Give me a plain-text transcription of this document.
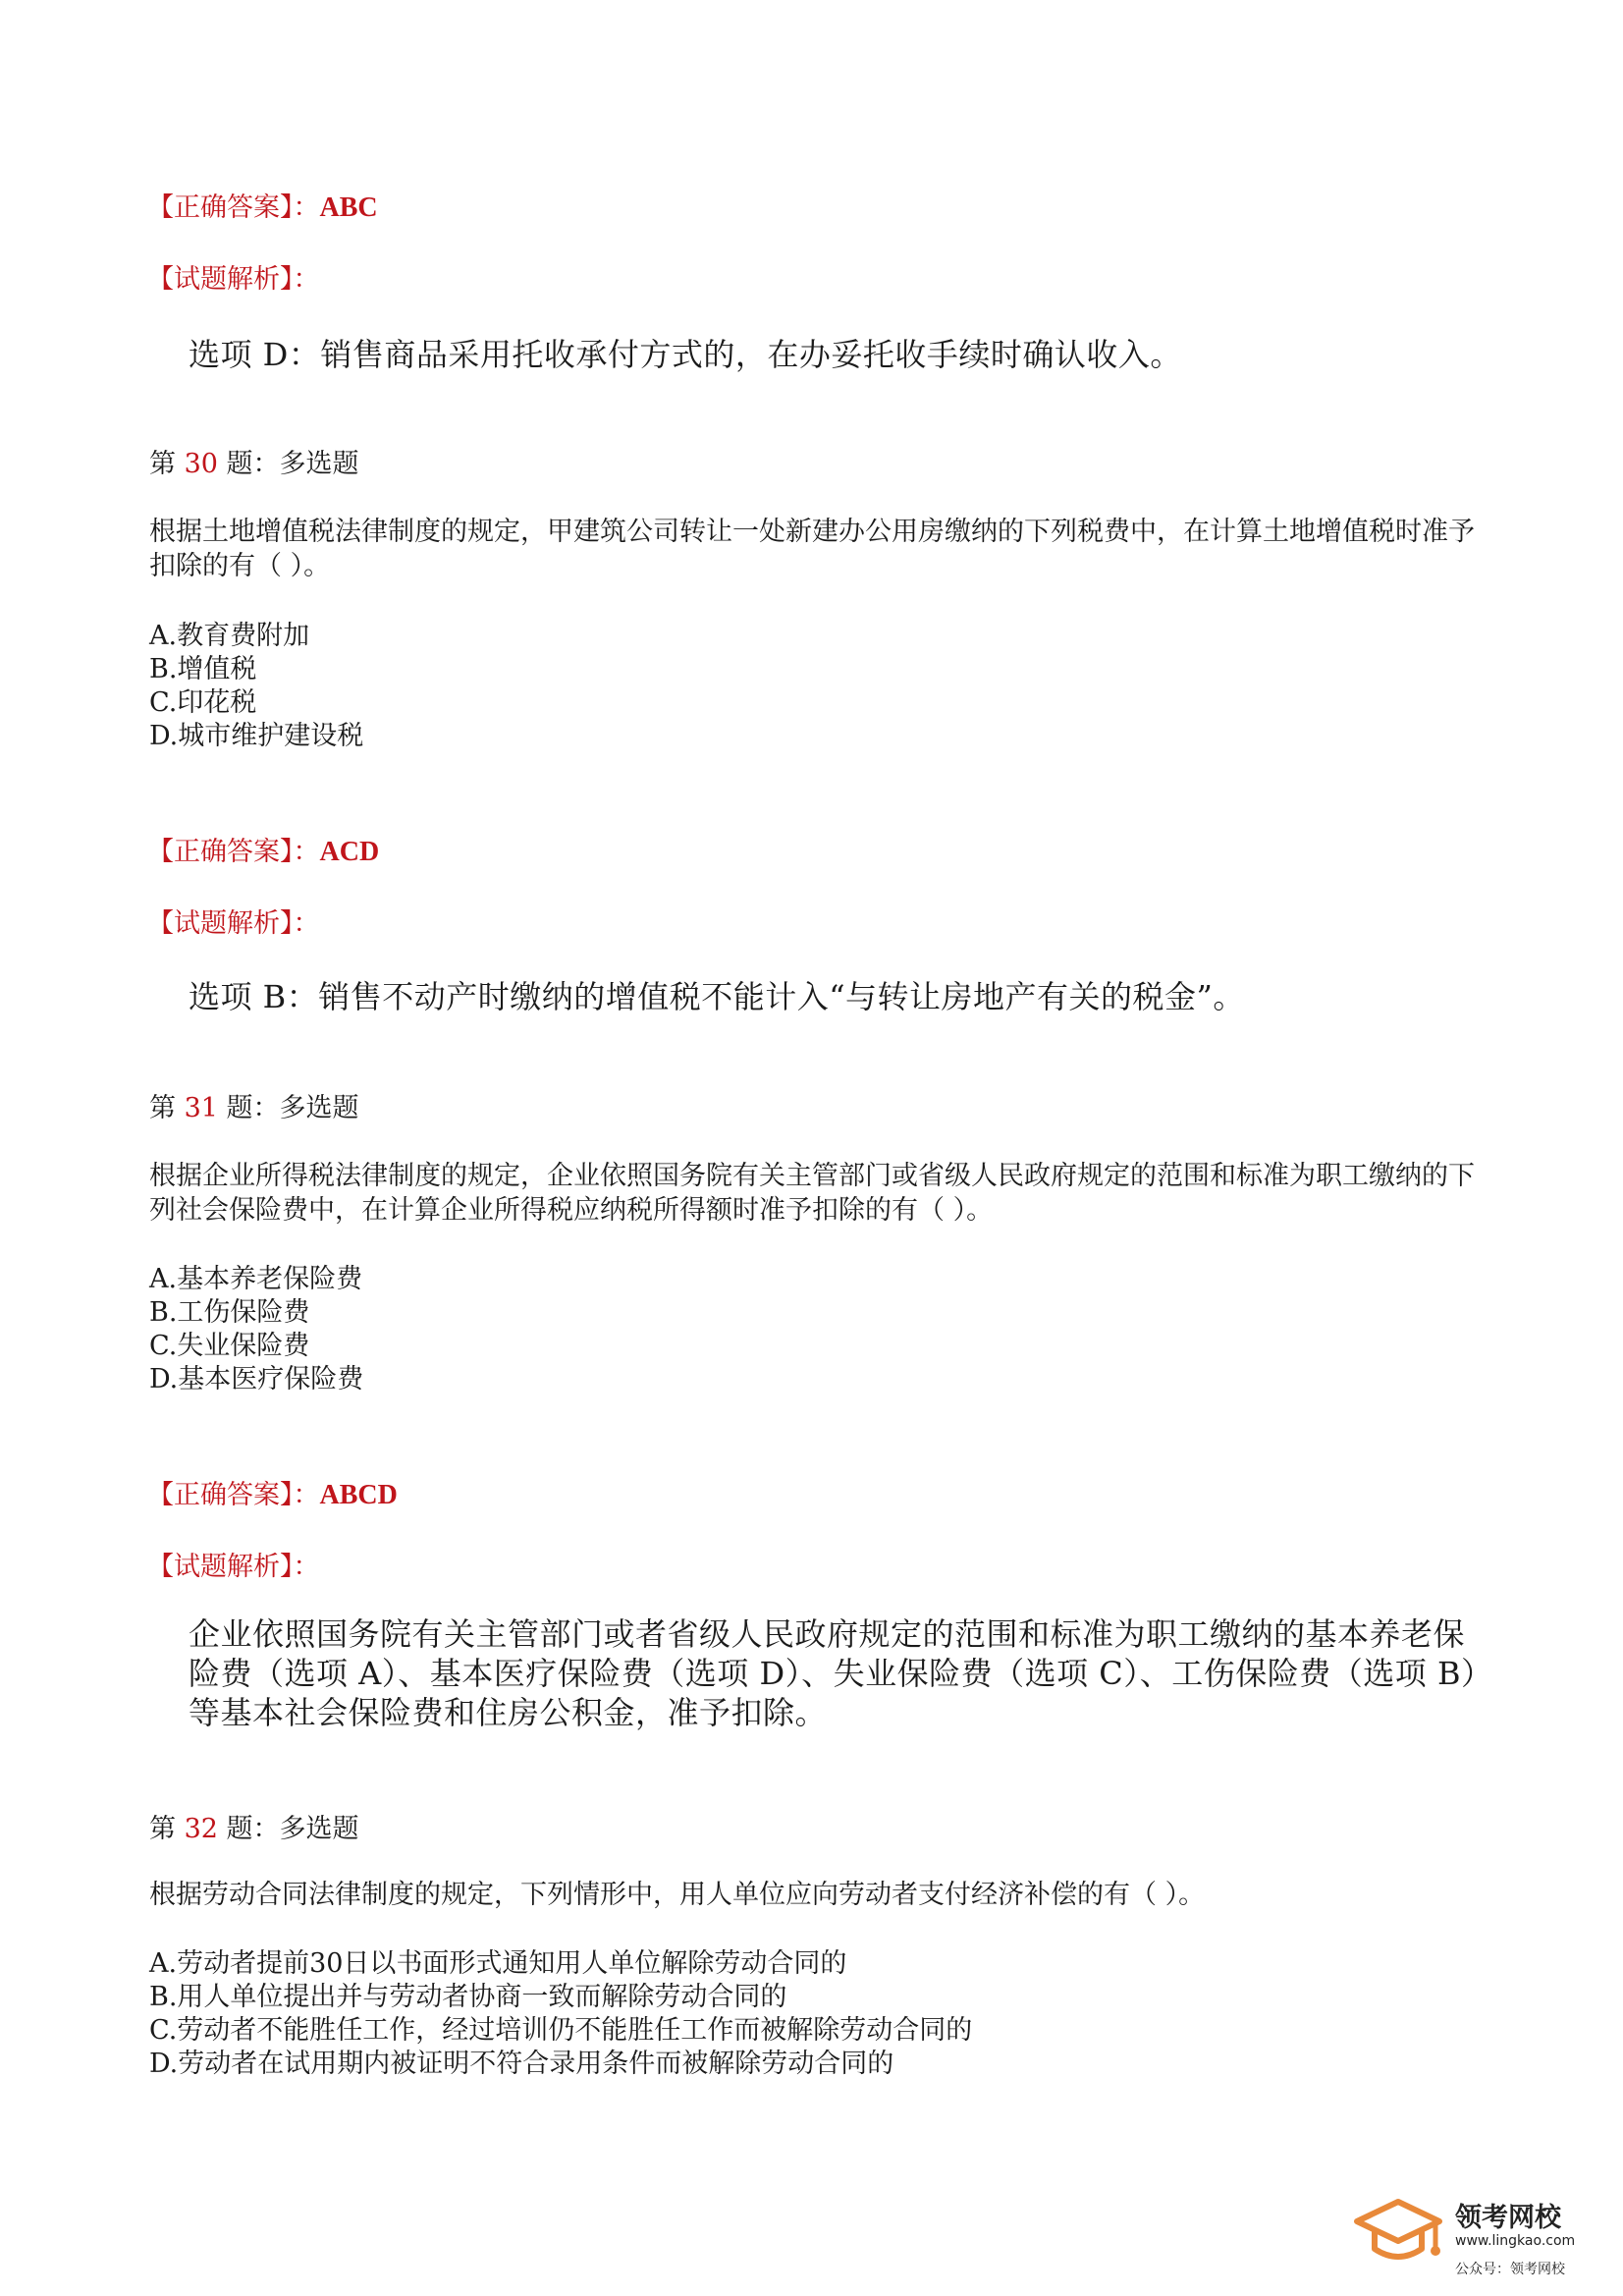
【正确答案】：ABC
【试题解析】：
选项 D：销售商品采用托收承付方式的，在办妥托收手续时确认收入。
第 30 题：多选题
根据土地增值税法律制度的规定，甲建筑公司转让一处新建办公用房缴纳的下列税费中，在计算土地增值税时准予扣除的有（ ）。
A.教育费附加
B.增值税
C.印花税
D.城市维护建设税
【正确答案】：ACD
【试题解析】：
选项 B：销售不动产时缴纳的增值税不能计入“与转让房地产有关的税金”。
第 31 题：多选题
根据企业所得税法律制度的规定，企业依照国务院有关主管部门或省级人民政府规定的范围和标准为职工缴纳的下列社会保险费中，在计算企业所得税应纳税所得额时准予扣除的有（ ）。
A.基本养老保险费
B.工伤保险费
C.失业保险费
D.基本医疗保险费
【正确答案】：ABCD
【试题解析】：
企业依照国务院有关主管部门或者省级人民政府规定的范围和标准为职工缴纳的基本养老保险费（选项 A）、基本医疗保险费（选项 D）、失业保险费（选项 C）、工伤保险费（选项 B）等基本社会保险费和住房公积金，准予扣除。
第 32 题：多选题
根据劳动合同法律制度的规定，下列情形中，用人单位应向劳动者支付经济补偿的有（ ）。
A.劳动者提前30日以书面形式通知用人单位解除劳动合同的
B.用人单位提出并与劳动者协商一致而解除劳动合同的
C.劳动者不能胜任工作，经过培训仍不能胜任工作而被解除劳动合同的
D.劳动者在试用期内被证明不符合录用条件而被解除劳动合同的
领考网校
www.lingkao.com
公众号：领考网校
